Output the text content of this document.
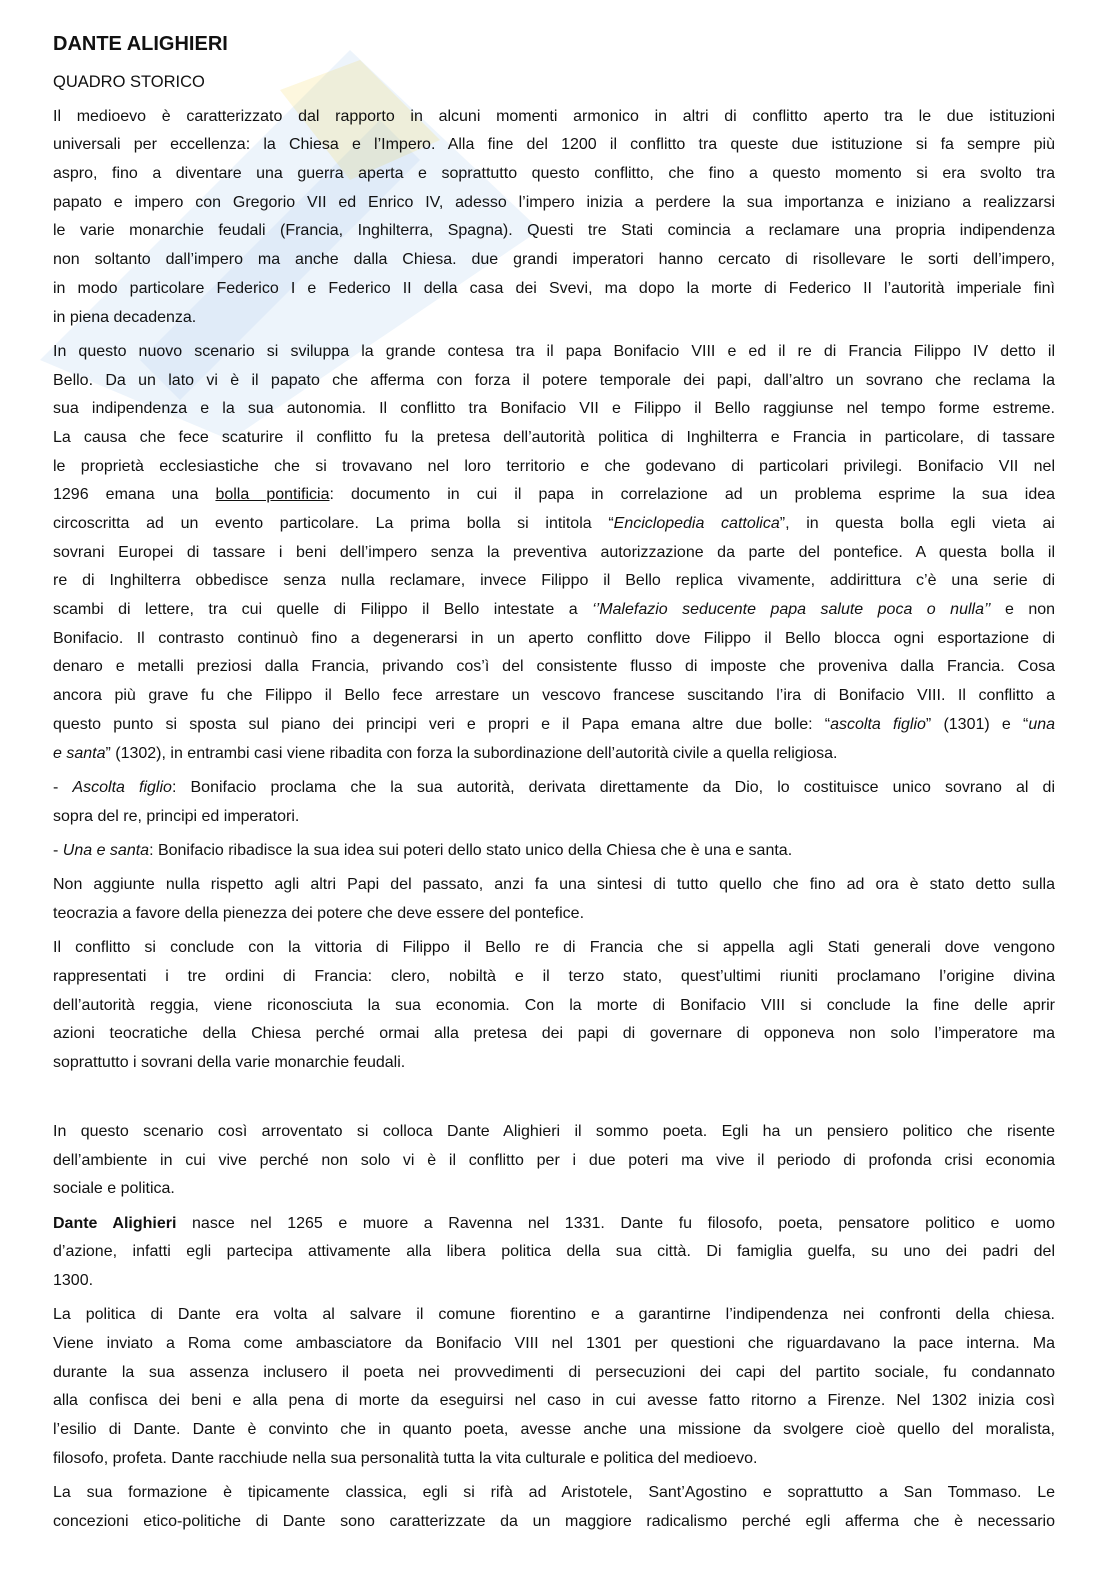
DANTE ALIGHIERI
QUADRO STORICO
Il medioevo è caratterizzato dal rapporto in alcuni momenti armonico in altri di conflitto aperto tra le due istituzioni
universali per eccellenza: la Chiesa e l’Impero. Alla fine del 1200 il conflitto tra queste due istituzione si fa sempre più
aspro, fino a diventare una guerra aperta e soprattutto questo conflitto, che fino a questo momento si era svolto tra
papato e impero con Gregorio VII ed Enrico IV, adesso l’impero inizia a perdere la sua importanza e iniziano a realizzarsi
le varie monarchie feudali (Francia, Inghilterra, Spagna). Questi tre Stati comincia a reclamare una propria indipendenza
non soltanto dall’impero ma anche dalla Chiesa. due grandi imperatori hanno cercato di risollevare le sorti dell’impero,
in modo particolare Federico I e Federico II della casa dei Svevi, ma dopo la morte di Federico II l’autorità imperiale finì
in piena decadenza.
In questo nuovo scenario si sviluppa la grande contesa tra il papa Bonifacio VIII e ed il re di Francia Filippo IV detto il
Bello. Da un lato vi è il papato che afferma con forza il potere temporale dei papi, dall’altro un sovrano che reclama la
sua indipendenza e la sua autonomia. Il conflitto tra Bonifacio VII e Filippo il Bello raggiunse nel tempo forme estreme.
La causa che fece scaturire il conflitto fu la pretesa dell’autorità politica di Inghilterra e Francia in particolare, di tassare
le proprietà ecclesiastiche che si trovavano nel loro territorio e che godevano di particolari privilegi. Bonifacio VII nel
1296 emana una bolla pontificia: documento in cui il papa in correlazione ad un problema esprime la sua idea
circoscritta ad un evento particolare. La prima bolla si intitola “Enciclopedia cattolica”, in questa bolla egli vieta ai
sovrani Europei di tassare i beni dell’impero senza la preventiva autorizzazione da parte del pontefice. A questa bolla il
re di Inghilterra obbedisce senza nulla reclamare, invece Filippo il Bello replica vivamente, addirittura c’è una serie di
scambi di lettere, tra cui quelle di Filippo il Bello intestate a ‘’Malefazio seducente papa salute poca o nulla’’ e non
Bonifacio. Il contrasto continuò fino a degenerarsi in un aperto conflitto dove Filippo il Bello blocca ogni esportazione di
denaro e metalli preziosi dalla Francia, privando cos’ì del consistente flusso di imposte che proveniva dalla Francia. Cosa
ancora più grave fu che Filippo il Bello fece arrestare un vescovo francese suscitando l’ira di Bonifacio VIII. Il conflitto a
questo punto si sposta sul piano dei principi veri e propri e il Papa emana altre due bolle: “ascolta figlio” (1301) e “una
e santa” (1302), in entrambi casi viene ribadita con forza la subordinazione dell’autorità civile a quella religiosa.
- Ascolta figlio: Bonifacio proclama che la sua autorità, derivata direttamente da Dio, lo costituisce unico sovrano al di
sopra del re, principi ed imperatori.
- Una e santa: Bonifacio ribadisce la sua idea sui poteri dello stato unico della Chiesa che è una e santa.
Non aggiunte nulla rispetto agli altri Papi del passato, anzi fa una sintesi di tutto quello che fino ad ora è stato detto sulla
teocrazia a favore della pienezza dei potere che deve essere del pontefice.
Il conflitto si conclude con la vittoria di Filippo il Bello re di Francia che si appella agli Stati generali dove vengono
rappresentati i tre ordini di Francia: clero, nobiltà e il terzo stato, quest’ultimi riuniti proclamano l’origine divina
dell’autorità reggia, viene riconosciuta la sua economia. Con la morte di Bonifacio VIII si conclude la fine delle aprir
azioni teocratiche della Chiesa perché ormai alla pretesa dei papi di governare di opponeva non solo l’imperatore ma
soprattutto i sovrani della varie monarchie feudali.
In questo scenario così arroventato si colloca Dante Alighieri il sommo poeta. Egli ha un pensiero politico che risente
dell’ambiente in cui vive perché non solo vi è il conflitto per i due poteri ma vive il periodo di profonda crisi economia
sociale e politica.
Dante Alighieri nasce nel 1265 e muore a Ravenna nel 1331. Dante fu filosofo, poeta, pensatore politico e uomo
d’azione, infatti egli partecipa attivamente alla libera politica della sua città. Di famiglia guelfa, su uno dei padri del
1300.
La politica di Dante era volta al salvare il comune fiorentino e a garantirne l’indipendenza nei confronti della chiesa.
Viene inviato a Roma come ambasciatore da Bonifacio VIII nel 1301 per questioni che riguardavano la pace interna. Ma
durante la sua assenza inclusero il poeta nei provvedimenti di persecuzioni dei capi del partito sociale, fu condannato
alla confisca dei beni e alla pena di morte da eseguirsi nel caso in cui avesse fatto ritorno a Firenze. Nel 1302 inizia così
l’esilio di Dante. Dante è convinto che in quanto poeta, avesse anche una missione da svolgere cioè quello del moralista,
filosofo, profeta. Dante racchiude nella sua personalità tutta la vita culturale e politica del medioevo.
La sua formazione è tipicamente classica, egli si rifà ad Aristotele, Sant’Agostino e soprattutto a San Tommaso. Le
concezioni etico-politiche di Dante sono caratterizzate da un maggiore radicalismo perché egli afferma che è necessario
